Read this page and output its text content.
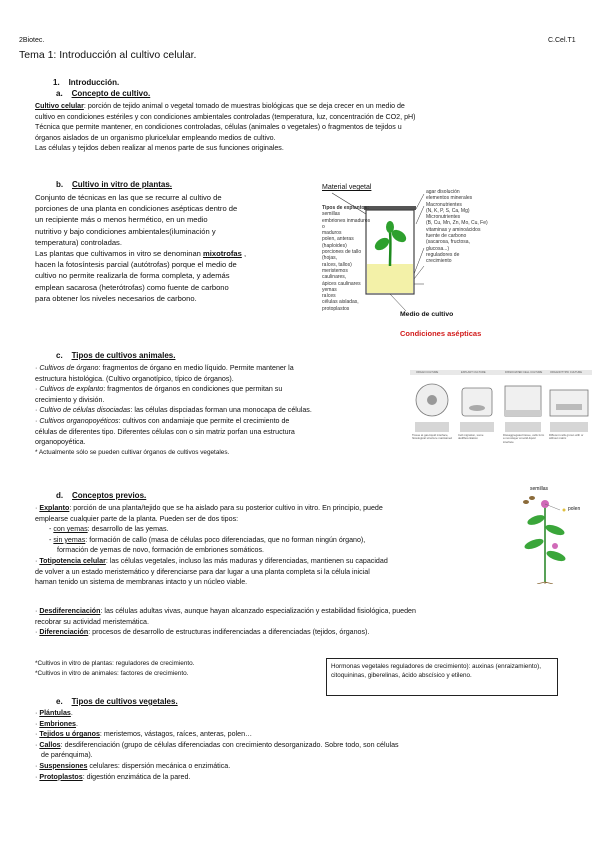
2Biotec.	C.Cel.T1
Tema 1: Introducción al cultivo celular.
1. Introducción.
a. Concepto de cultivo.
Cultivo celular: porción de tejido animal o vegetal tomado de muestras biológicas que se deja crecer en un medio de
cultivo en condiciones estériles y con condiciones ambientales controladas (temperatura, luz, concentración de CO2, pH)
Técnica que permite mantener, en condiciones controladas, células (animales o vegetales) o fragmentos de tejidos u
órganos aislados de un organismo pluricelular empleando medios de cultivo.
Las células y tejidos deben realizar al menos parte de sus funciones originales.
b. Cultivo in vitro de plantas.
Conjunto de técnicas en las que se recurre al cultivo de
porciones de una planta en condiciones asépticas dentro de
un recipiente más o menos hermético, en un medio
nutritivo y bajo condiciones ambientales(iluminación y
temperatura) controladas.
Las plantas que cultivamos in vitro se denominan mixotrofas ,
hacen la fotosíntesis parcial (autótrofas) porque el medio de
cultivo no permite realizarla de forma completa, y además
emplean sacarosa (heterótrofas) como fuente de carbono
para obtener los niveles necesarios de carbono.
Material vegetal
Tipos de explantos:
semillas
embriones inmaduros o
maduros
polen, anteras (haploides)
porciones de tallo (hojas,
raíces, tallos)
meristemos caulinares,
ápices caulinares
yemas
raíces
células aisladas, protoplastos
agar disolución
elementos minerales
Macronutrientes
(N, K, P, S, Ca, Mg)
Micronutrientes
(B, Cu, Mn, Zn, Mo, Cu, Fe)
vitaminas y aminoácidos
fuente de carbono
(sacarosa, fructosa,
glucosa...)
reguladores de
crecimiento
Medio de cultivo
Condiciones asépticas
c. Tipos de cultivos animales.
· Cultivos de órgano: fragmentos de órgano en medio líquido. Permite mantener la
estructura histológica. (Cultivo organotípico, típico de órganos).
· Cultivos de explanto: fragmentos de órganos en condiciones que permitan su
crecimiento y división.
· Cultivo de células disociadas: las células dispciadas forman una monocapa de células.
· Cultivos organopoyéticos: cultivos con andamiaje que permite el crecimiento de
células de diferentes tipo. Diferentes células con o sin matriz porfan una estructura
organopoyética.
* Actualmente sólo se pueden cultivar órganos de cultivos vegetales.
ORGAN CULTURE	EXPLANT CULTURE	DISSOCIATED CELL CULTURE	ORGANOTYPIC CULTURE
Tissue at gas-liquid interface, histological structure maintained
Cell migration, some dedifferentiation
Dissaggregated tissue, cells form a monolayer at solid-liquid interface
Different cells grown with or without matrix
d. Conceptos previos.
· Explanto: porción de una planta/tejido que se ha aislado para su posterior cultivo in vitro. En principio, puede
emplearse cualquier parte de la planta. Pueden ser de dos tipos:
- con yemas: desarrollo de las yemas.
- sin yemas: formación de callo (masa de células poco diferenciadas, que no forman ningún órgano),
formación de yemas de novo, formación de embriones somáticos.
· Totipotencia celular: las células vegetales, incluso las más maduras y diferenciadas, mantienen su capacidad
de volver a un estado meristemático y diferenciarse para dar lugar a una planta completa si la célula inicial
haman tenido un sistema de membranas intacto y un núcleo viable.
· Desdiferenciación: las células adultas vivas, aunque hayan alcanzado especialización y estabilidad fisiológica, pueden
recobrar su actividad meristemática.
· Diferenciación: procesos de desarrollo de estructuras indiferenciadas a diferenciadas (tejidos, órganos).
semillas
polen
*Cultivos in vitro de plantas: reguladores de crecimiento.
*Cultivos in vitro de animales: factores de crecimiento.
Hormonas vegetales reguladores de crecimiento): auxinas (enraizamiento), citoquininas, giberelinas, ácido abscísico y etileno.
e. Tipos de cultivos vegetales.
· Plántulas.
· Embriones.
· Tejidos u órganos: meristemos, vástagos, raíces, anteras, polen…
· Callos: desdiferenciación (grupo de células diferenciadas con crecimiento desorganizado. Sobre todo, son células
de parénquima).
· Suspensiones celulares: dispersión mecánica o enzimática.
· Protoplastos: digestión enzimática de la pared.
